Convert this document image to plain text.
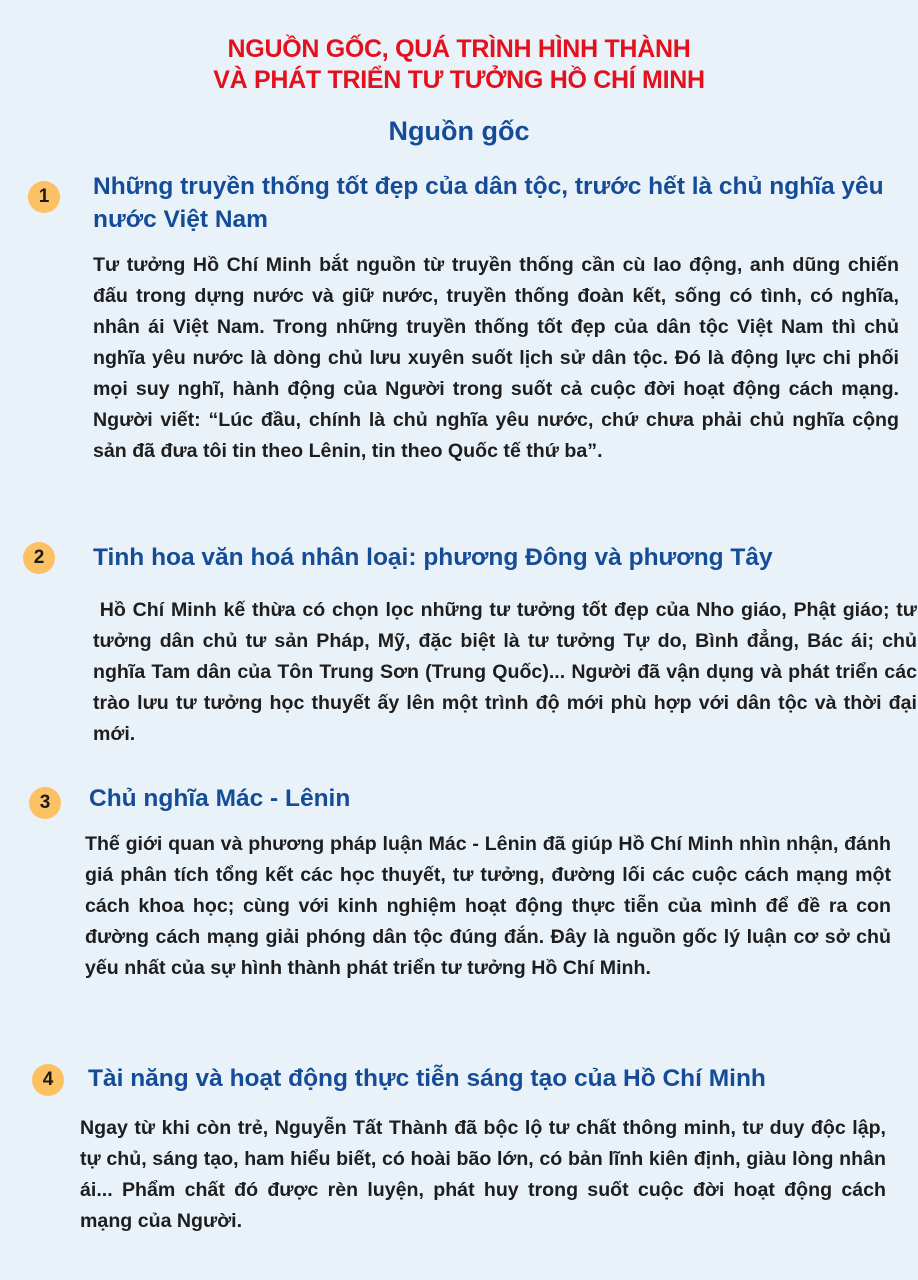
NGUỒN GỐC, QUÁ TRÌNH HÌNH THÀNH
VÀ PHÁT TRIỂN TƯ TƯỞNG HỒ CHÍ MINH
Nguồn gốc
1	Những truyền thống tốt đẹp của dân tộc, trước hết là chủ nghĩa yêu nước Việt Nam
Tư tưởng Hồ Chí Minh bắt nguồn từ truyền thống cần cù lao động, anh dũng chiến đấu trong dựng nước và giữ nước, truyền thống đoàn kết, sống có tình, có nghĩa, nhân ái Việt Nam. Trong những truyền thống tốt đẹp của dân tộc Việt Nam thì chủ nghĩa yêu nước là dòng chủ lưu xuyên suốt lịch sử dân tộc. Đó là động lực chi phối mọi suy nghĩ, hành động của Người trong suốt cả cuộc đời hoạt động cách mạng. Người viết: “Lúc đầu, chính là chủ nghĩa yêu nước, chứ chưa phải chủ nghĩa cộng sản đã đưa tôi tin theo Lênin, tin theo Quốc tế thứ ba”.
2	Tinh hoa văn hoá nhân loại: phương Đông và phương Tây
Hồ Chí Minh kế thừa có chọn lọc những tư tưởng tốt đẹp của Nho giáo, Phật giáo; tư tưởng dân chủ tư sản Pháp, Mỹ, đặc biệt là tư tưởng Tự do, Bình đẳng, Bác ái; chủ nghĩa Tam dân của Tôn Trung Sơn (Trung Quốc)... Người đã vận dụng và phát triển các trào lưu tư tưởng học thuyết ấy lên một trình độ mới phù hợp với dân tộc và thời đại mới.
3	Chủ nghĩa Mác - Lênin
Thế giới quan và phương pháp luận Mác - Lênin đã giúp Hồ Chí Minh nhìn nhận, đánh giá phân tích tổng kết các học thuyết, tư tưởng, đường lối các cuộc cách mạng một cách khoa học; cùng với kinh nghiệm hoạt động thực tiễn của mình để đề ra con đường cách mạng giải phóng dân tộc đúng đắn. Đây là nguồn gốc lý luận cơ sở chủ yếu nhất của sự hình thành phát triển tư tưởng Hồ Chí Minh.
4	Tài năng và hoạt động thực tiễn sáng tạo của Hồ Chí Minh
Ngay từ khi còn trẻ, Nguyễn Tất Thành đã bộc lộ tư chất thông minh, tư duy độc lập, tự chủ, sáng tạo, ham hiểu biết, có hoài bão lớn, có bản lĩnh kiên định, giàu lòng nhân ái... Phẩm chất đó được rèn luyện, phát huy trong suốt cuộc đời hoạt động cách mạng của Người.
